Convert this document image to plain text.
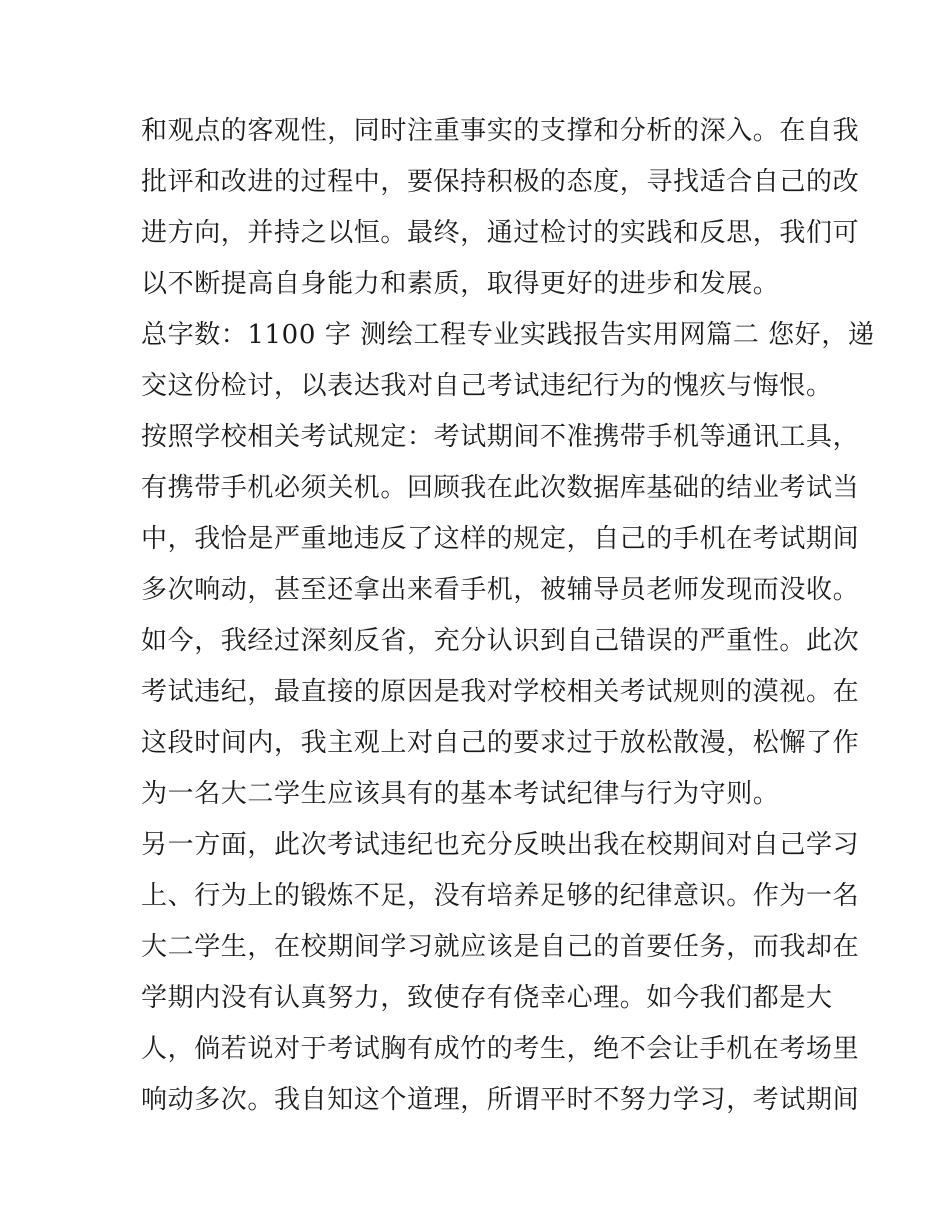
和观点的客观性，同时注重事实的支撑和分析的深入。在自我
批评和改进的过程中，要保持积极的态度，寻找适合自己的改
进方向，并持之以恒。最终，通过检讨的实践和反思，我们可
以不断提高自身能力和素质，取得更好的进步和发展。
总字数：1100 字 测绘工程专业实践报告实用网篇二 您好，递
交这份检讨，以表达我对自己考试违纪行为的愧疚与悔恨。
按照学校相关考试规定：考试期间不准携带手机等通讯工具，
有携带手机必须关机。回顾我在此次数据库基础的结业考试当
中，我恰是严重地违反了这样的规定，自己的手机在考试期间
多次响动，甚至还拿出来看手机，被辅导员老师发现而没收。
如今，我经过深刻反省，充分认识到自己错误的严重性。此次
考试违纪，最直接的原因是我对学校相关考试规则的漠视。在
这段时间内，我主观上对自己的要求过于放松散漫，松懈了作
为一名大二学生应该具有的基本考试纪律与行为守则。
另一方面，此次考试违纪也充分反映出我在校期间对自己学习
上、行为上的锻炼不足，没有培养足够的纪律意识。作为一名
大二学生，在校期间学习就应该是自己的首要任务，而我却在
学期内没有认真努力，致使存有侥幸心理。如今我们都是大
人，倘若说对于考试胸有成竹的考生，绝不会让手机在考场里
响动多次。我自知这个道理，所谓平时不努力学习，考试期间
